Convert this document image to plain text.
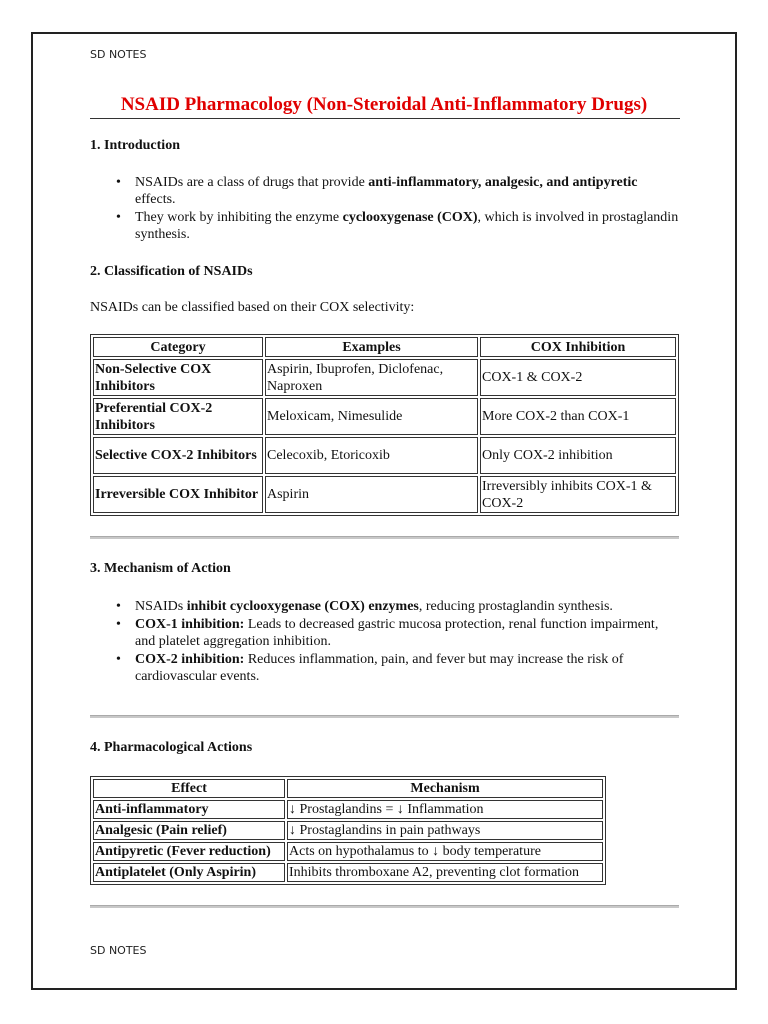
SD NOTES
NSAID Pharmacology (Non-Steroidal Anti-Inflammatory Drugs)
1. Introduction
• NSAIDs are a class of drugs that provide anti-inflammatory, analgesic, and antipyretic effects.
• They work by inhibiting the enzyme cyclooxygenase (COX), which is involved in prostaglandin synthesis.
2. Classification of NSAIDs
NSAIDs can be classified based on their COX selectivity:
Category	Examples	COX Inhibition
Non-Selective COX Inhibitors	Aspirin, Ibuprofen, Diclofenac, Naproxen	COX-1 & COX-2
Preferential COX-2 Inhibitors	Meloxicam, Nimesulide	More COX-2 than COX-1
Selective COX-2 Inhibitors	Celecoxib, Etoricoxib	Only COX-2 inhibition
Irreversible COX Inhibitor	Aspirin	Irreversibly inhibits COX-1 & COX-2
3. Mechanism of Action
• NSAIDs inhibit cyclooxygenase (COX) enzymes, reducing prostaglandin synthesis.
• COX-1 inhibition: Leads to decreased gastric mucosa protection, renal function impairment, and platelet aggregation inhibition.
• COX-2 inhibition: Reduces inflammation, pain, and fever but may increase the risk of cardiovascular events.
4. Pharmacological Actions
Effect	Mechanism
Anti-inflammatory	↓ Prostaglandins = ↓ Inflammation
Analgesic (Pain relief)	↓ Prostaglandins in pain pathways
Antipyretic (Fever reduction)	Acts on hypothalamus to ↓ body temperature
Antiplatelet (Only Aspirin)	Inhibits thromboxane A2, preventing clot formation
SD NOTES
